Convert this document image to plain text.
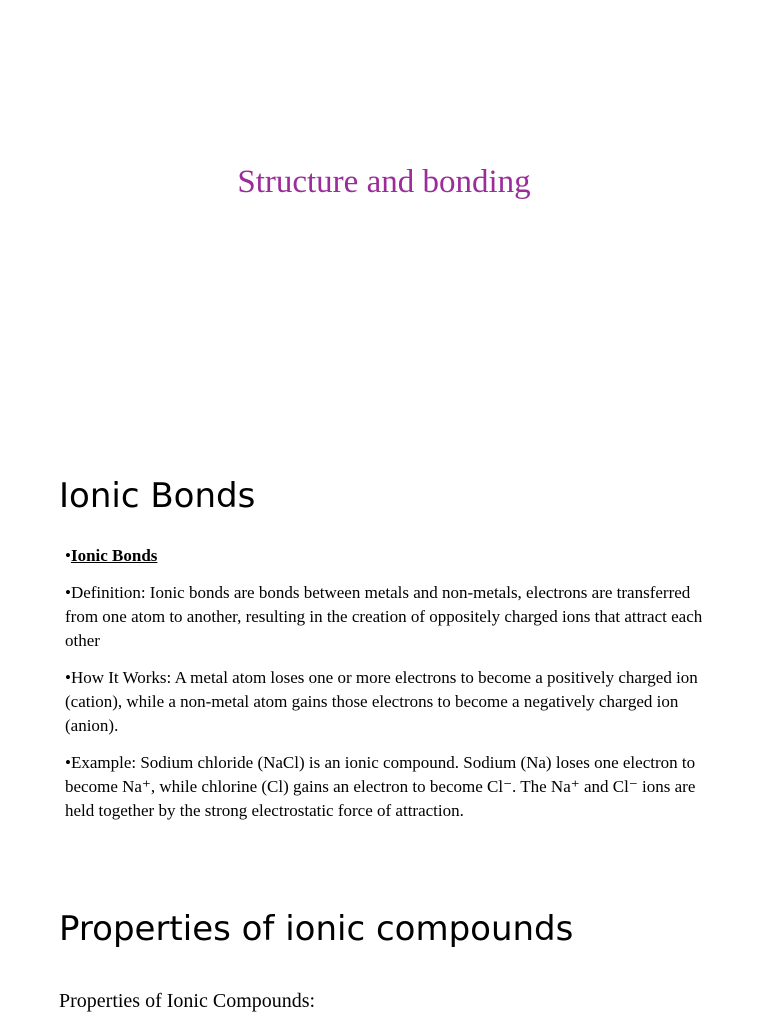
Structure and bonding
Ionic Bonds
•Ionic Bonds
•Definition: Ionic bonds are bonds between metals and non-metals, electrons are transferred from one atom to another, resulting in the creation of oppositely charged ions that attract each other
•How It Works: A metal atom loses one or more electrons to become a positively charged ion (cation), while a non-metal atom gains those electrons to become a negatively charged ion (anion).
•Example: Sodium chloride (NaCl) is an ionic compound. Sodium (Na) loses one electron to become Na⁺, while chlorine (Cl) gains an electron to become Cl⁻. The Na⁺ and Cl⁻ ions are held together by the strong electrostatic force of attraction.
Properties of ionic compounds

Properties of Ionic Compounds:
